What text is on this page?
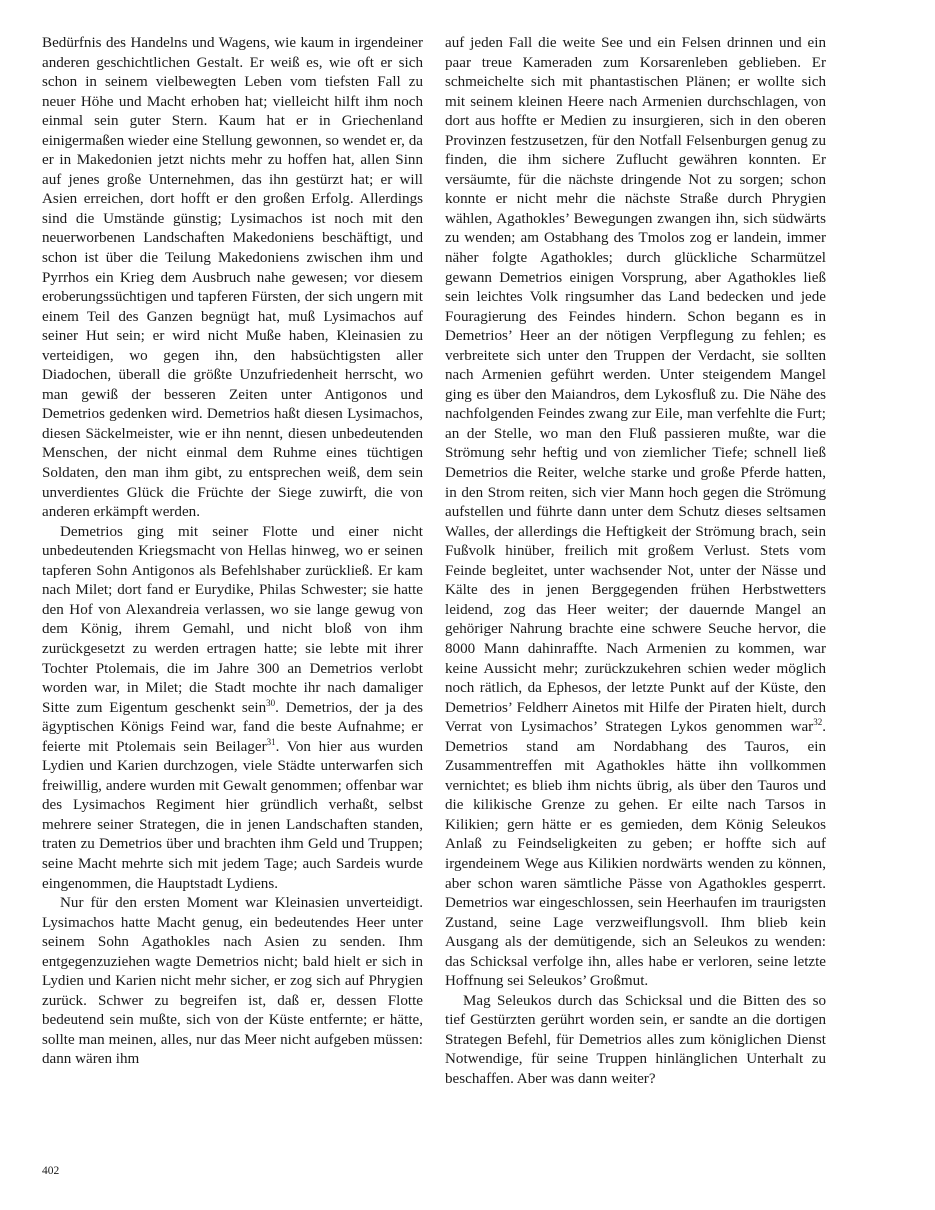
Bedürfnis des Handelns und Wagens, wie kaum in irgendeiner anderen geschichtlichen Gestalt. Er weiß es, wie oft er sich schon in seinem vielbewegten Leben vom tiefsten Fall zu neuer Höhe und Macht erhoben hat; vielleicht hilft ihm noch einmal sein guter Stern. Kaum hat er in Griechenland einigermaßen wieder eine Stellung gewonnen, so wendet er, da er in Makedonien jetzt nichts mehr zu hoffen hat, allen Sinn auf jenes große Unternehmen, das ihn gestürzt hat; er will Asien erreichen, dort hofft er den großen Erfolg. Allerdings sind die Umstände günstig; Lysimachos ist noch mit den neuerworbenen Landschaften Makedoniens beschäftigt, und schon ist über die Teilung Makedoniens zwischen ihm und Pyrrhos ein Krieg dem Ausbruch nahe gewesen; vor diesem eroberungssüchtigen und tapferen Fürsten, der sich ungern mit einem Teil des Ganzen begnügt hat, muß Lysimachos auf seiner Hut sein; er wird nicht Muße haben, Kleinasien zu verteidigen, wo gegen ihn, den habsüchtigsten aller Diadochen, überall die größte Unzufriedenheit herrscht, wo man gewiß der besseren Zeiten unter Antigonos und Demetrios gedenken wird. Demetrios haßt diesen Lysimachos, diesen Säckelmeister, wie er ihn nennt, diesen unbedeutenden Menschen, der nicht einmal dem Ruhme eines tüchtigen Soldaten, den man ihm gibt, zu entsprechen weiß, dem sein unverdientes Glück die Früchte der Siege zuwirft, die von anderen erkämpft werden.

Demetrios ging mit seiner Flotte und einer nicht unbedeutenden Kriegsmacht von Hellas hinweg, wo er seinen tapferen Sohn Antigonos als Befehlshaber zurückließ. Er kam nach Milet; dort fand er Eurydike, Philas Schwester; sie hatte den Hof von Alexandreia verlassen, wo sie lange gewug von dem König, ihrem Gemahl, und nicht bloß von ihm zurückgesetzt zu werden ertragen hatte; sie lebte mit ihrer Tochter Ptolemais, die im Jahre 300 an Demetrios verlobt worden war, in Milet; die Stadt mochte ihr nach damaliger Sitte zum Eigentum geschenkt sein$^{30}$. Demetrios, der ja des ägyptischen Königs Feind war, fand die beste Aufnahme; er feierte mit Ptolemais sein Beilager$^{31}$. Von hier aus wurden Lydien und Karien durchzogen, viele Städte unterwarfen sich freiwillig, andere wurden mit Gewalt genommen; offenbar war des Lysimachos Regiment hier gründlich verhaßt, selbst mehrere seiner Strategen, die in jenen Landschaften standen, traten zu Demetrios über und brachten ihm Geld und Truppen; seine Macht mehrte sich mit jedem Tage; auch Sardeis wurde eingenommen, die Hauptstadt Lydiens.

Nur für den ersten Moment war Kleinasien unverteidigt. Lysimachos hatte Macht genug, ein bedeutendes Heer unter seinem Sohn Agathokles nach Asien zu senden. Ihm entgegenzuziehen wagte Demetrios nicht; bald hielt er sich in Lydien und Karien nicht mehr sicher, er zog sich auf Phrygien zurück. Schwer zu begreifen ist, daß er, dessen Flotte bedeutend sein mußte, sich von der Küste entfernte; er hätte, sollte man meinen, alles, nur das Meer nicht aufgeben müssen: dann wären ihm

auf jeden Fall die weite See und ein Felsen drinnen und ein paar treue Kameraden zum Korsarenleben geblieben. Er schmeichelte sich mit phantastischen Plänen; er wollte sich mit seinem kleinen Heere nach Armenien durchschlagen, von dort aus hoffte er Medien zu insurgieren, sich in den oberen Provinzen festzusetzen, für den Notfall Felsenburgen genug zu finden, die ihm sichere Zuflucht gewähren konnten. Er versäumte, für die nächste dringende Not zu sorgen; schon konnte er nicht mehr die nächste Straße durch Phrygien wählen, Agathokles’ Bewegungen zwangen ihn, sich südwärts zu wenden; am Ostabhang des Tmolos zog er landein, immer näher folgte Agathokles; durch glückliche Scharmützel gewann Demetrios einigen Vorsprung, aber Agathokles ließ sein leichtes Volk ringsumher das Land bedecken und jede Fouragierung des Feindes hindern. Schon begann es in Demetrios’ Heer an der nötigen Verpflegung zu fehlen; es verbreitete sich unter den Truppen der Verdacht, sie sollten nach Armenien geführt werden. Unter steigendem Mangel ging es über den Maiandros, dem Lykosfluß zu. Die Nähe des nachfolgenden Feindes zwang zur Eile, man verfehlte die Furt; an der Stelle, wo man den Fluß passieren mußte, war die Strömung sehr heftig und von ziemlicher Tiefe; schnell ließ Demetrios die Reiter, welche starke und große Pferde hatten, in den Strom reiten, sich vier Mann hoch gegen die Strömung aufstellen und führte dann unter dem Schutz dieses seltsamen Walles, der allerdings die Heftigkeit der Strömung brach, sein Fußvolk hinüber, freilich mit großem Verlust. Stets vom Feinde begleitet, unter wachsender Not, unter der Nässe und Kälte des in jenen Berggegenden frühen Herbstwetters leidend, zog das Heer weiter; der dauernde Mangel an gehöriger Nahrung brachte eine schwere Seuche hervor, die 8000 Mann dahinraffte. Nach Armenien zu kommen, war keine Aussicht mehr; zurückzukehren schien weder möglich noch rätlich, da Ephesos, der letzte Punkt auf der Küste, den Demetrios’ Feldherr Ainetos mit Hilfe der Piraten hielt, durch Verrat von Lysimachos’ Strategen Lykos genommen war$^{32}$. Demetrios stand am Nordabhang des Tauros, ein Zusammentreffen mit Agathokles hätte ihn vollkommen vernichtet; es blieb ihm nichts übrig, als über den Tauros und die kilikische Grenze zu gehen. Er eilte nach Tarsos in Kilikien; gern hätte er es gemieden, dem König Seleukos Anlaß zu Feindseligkeiten zu geben; er hoffte sich auf irgendeinem Wege aus Kilikien nordwärts wenden zu können, aber schon waren sämtliche Pässe von Agathokles gesperrt. Demetrios war eingeschlossen, sein Heerhaufen im traurigsten Zustand, seine Lage verzweiflungsvoll. Ihm blieb kein Ausgang als der demütigende, sich an Seleukos zu wenden: das Schicksal verfolge ihn, alles habe er verloren, seine letzte Hoffnung sei Seleukos’ Großmut.

Mag Seleukos durch das Schicksal und die Bitten des so tief Gestürzten gerührt worden sein, er sandte an die dortigen Strategen Befehl, für Demetrios alles zum königlichen Dienst Notwendige, für seine Truppen hinlänglichen Unterhalt zu beschaffen. Aber was dann weiter?

402
